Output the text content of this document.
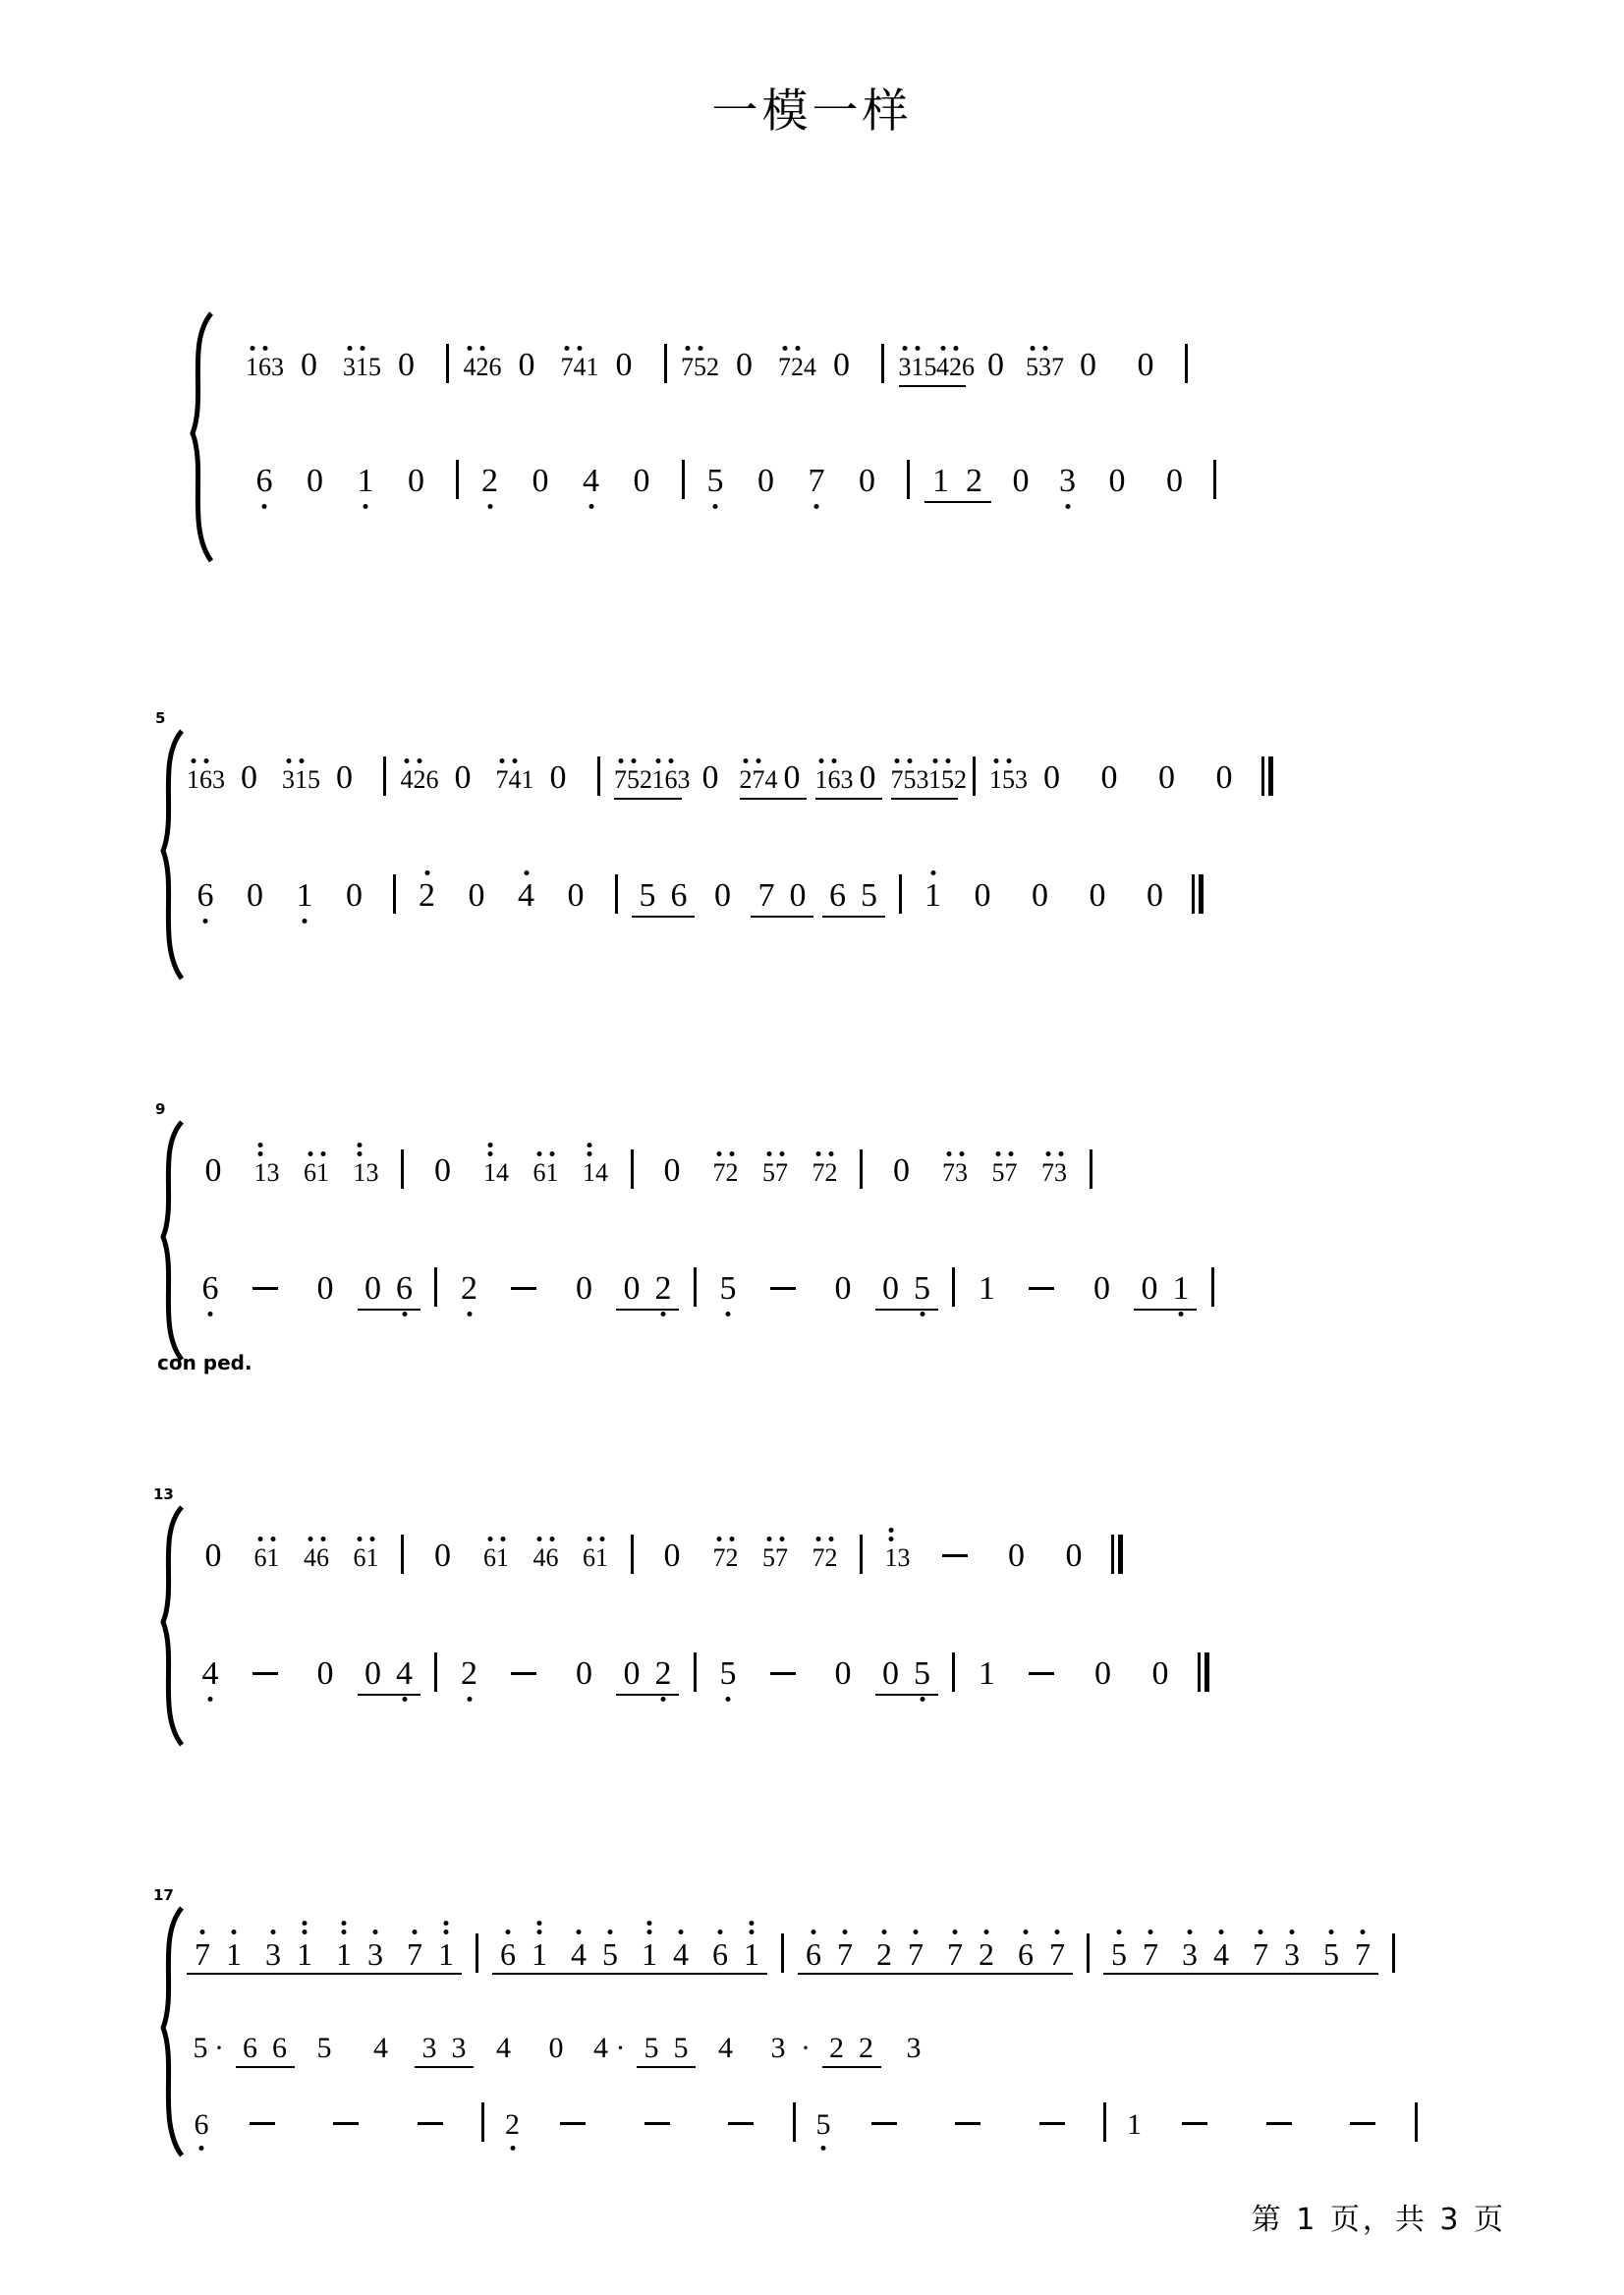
一模一样
163 0 315 0 426 0 741 0 752 0 724 0 315 426 0 537 0 0
6 0 1 0 2 0 4 0 5 0 7 0 1 2 0 3 0 0
5
163 0 315 0 426 0 741 0 752 163 0 274 0 163 0 753 152 153 0 0 0 0
6 0 1 0 2 0 4 0 5 6 0 7 0 6 5 1 0 0 0 0
9
0 13 61 13 0 14 61 14 0 72 57 72 0 73 57 73
6	0 0 6 2	0 0 2 5	0 0 5 1	0 0 1
con ped.
13
0 61 46 61 0 61 46 61 0 72 57 72 13	0 0
4	0 0 4 2	0 0 2 5	0 0 5 1	0 0
17
7 1 3 1 1 3 7 1 6 1 4 5 1 4 6 1 6 7 2 7 7 2 6 7 5 7 3 4 7 3 5 7
5 · 6 6 5 4 3 3 4 0 4 · 5 5 4 3 · 2 2 3
6	2	5	1
第 1 页，共 3 页
